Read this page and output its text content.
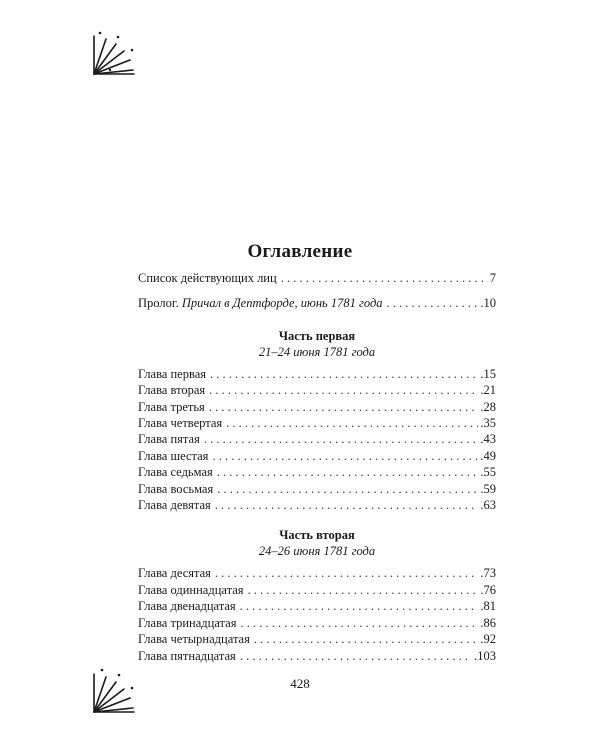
Оглавление
Список действующих лиц . . .	7
Пролог. Причал в Дептфорде, июнь 1781 года . . .	.10
Часть первая
21–24 июня 1781 года
Глава первая . . .	.15
Глава вторая . . .	.21
Глава третья . . .	.28
Глава четвертая . . .	.35
Глава пятая . . .	.43
Глава шестая . . .	.49
Глава седьмая . . .	.55
Глава восьмая . . .	.59
Глава девятая . . .	.63
Часть вторая
24–26 июня 1781 года
Глава десятая . . .	.73
Глава одиннадцатая . . .	.76
Глава двенадцатая . . .	.81
Глава тринадцатая . . .	.86
Глава четырнадцатая . . .	.92
Глава пятнадцатая . . .	.103
428
